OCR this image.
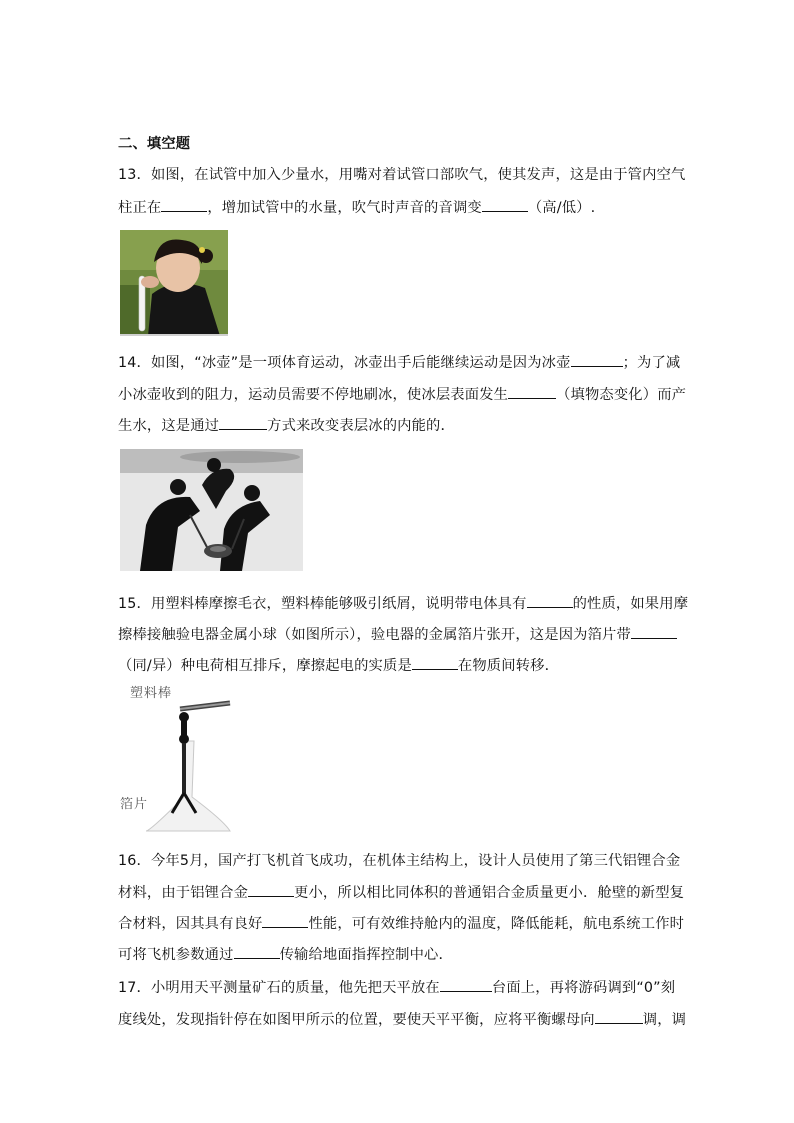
二、填空题
13．如图，在试管中加入少量水，用嘴对着试管口部吹气，使其发声，这是由于管内空气
柱正在	，增加试管中的水量，吹气时声音的音调变	（高/低）.
14．如图，“冰壶”是一项体育运动，冰壶出手后能继续运动是因为冰壶	；为了减
小冰壶收到的阻力，运动员需要不停地刷冰，使冰层表面发生	（填物态变化）而产
生水，这是通过	方式来改变表层冰的内能的．
15．用塑料棒摩擦毛衣，塑料棒能够吸引纸屑，说明带电体具有	的性质，如果用摩
擦棒接触验电器金属小球（如图所示），验电器的金属箔片张开，这是因为箔片带
（同/异）种电荷相互排斥，摩擦起电的实质是	在物质间转移．
塑料棒
箔片
16．今年5月，国产打飞机首飞成功，在机体主结构上，设计人员使用了第三代铝锂合金
材料，由于铝锂合金	更小，所以相比同体积的普通铝合金质量更小．舱壁的新型复
合材料，因其具有良好	性能，可有效维持舱内的温度，降低能耗，航电系统工作时
可将飞机参数通过	传输给地面指挥控制中心．
17．小明用天平测量矿石的质量，他先把天平放在	台面上，再将游码调到“0”刻
度线处，发现指针停在如图甲所示的位置，要使天平平衡，应将平衡螺母向	调，调
